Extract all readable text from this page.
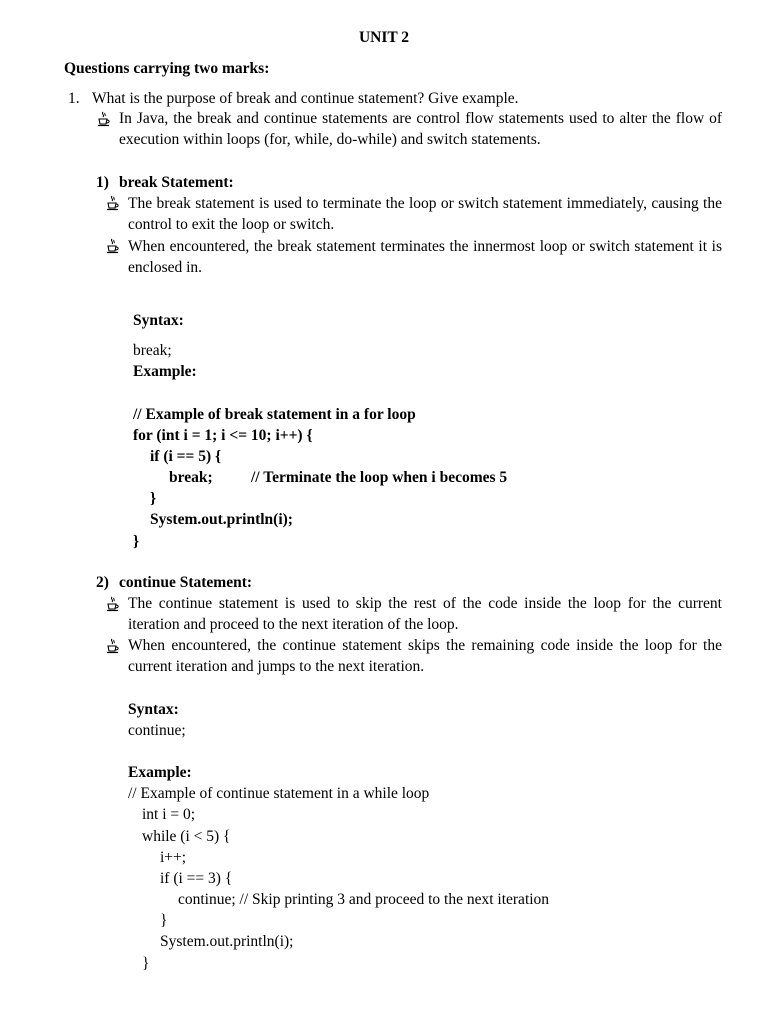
UNIT 2
Questions carrying two marks:
1. What is the purpose of break and continue statement? Give example.
In Java, the break and continue statements are control flow statements used to alter the flow of execution within loops (for, while, do-while) and switch statements.
1) break Statement:
The break statement is used to terminate the loop or switch statement immediately, causing the control to exit the loop or switch.
When encountered, the break statement terminates the innermost loop or switch statement it is enclosed in.
Syntax:
break;
Example:
// Example of break statement in a for loop
for (int i = 1; i <= 10; i++) {
if (i == 5) {
break; // Terminate the loop when i becomes 5
}
System.out.println(i);
}
2) continue Statement:
The continue statement is used to skip the rest of the code inside the loop for the current iteration and proceed to the next iteration of the loop.
When encountered, the continue statement skips the remaining code inside the loop for the current iteration and jumps to the next iteration.
Syntax:
continue;
Example:
// Example of continue statement in a while loop
int i = 0;
while (i < 5) {
i++;
if (i == 3) {
continue; // Skip printing 3 and proceed to the next iteration
}
System.out.println(i);
}
